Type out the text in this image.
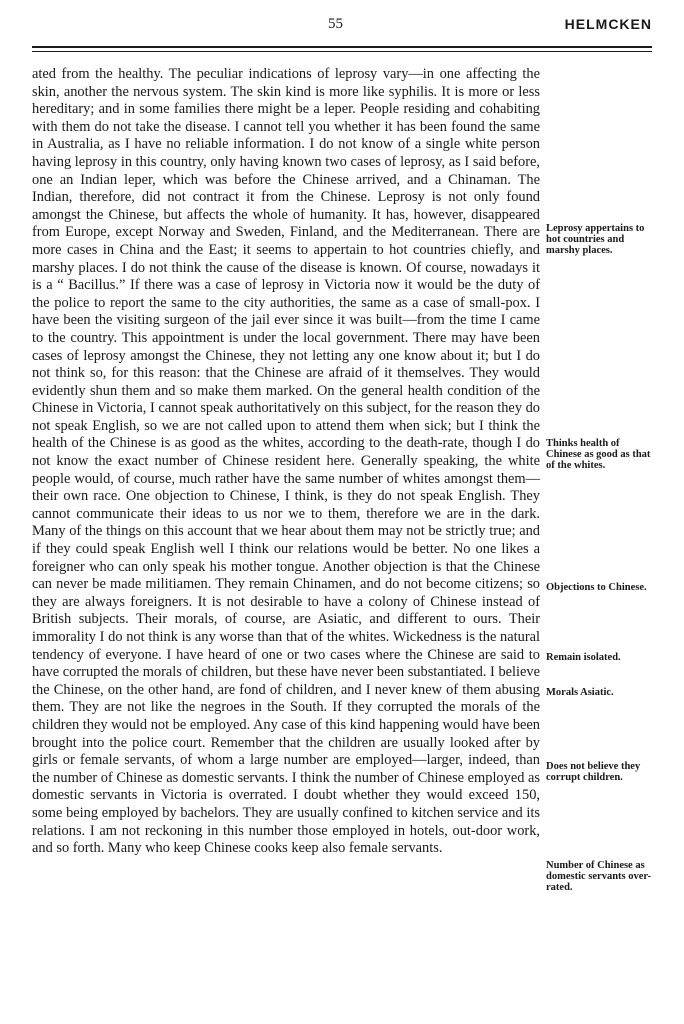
55	HELMCKEN

ated from the healthy. The peculiar indications of leprosy vary—in one affecting the skin, another the nervous system. The skin kind is more like syphilis. It is more or less hereditary; and in some families there might be a leper. People residing and cohabiting with them do not take the disease. I cannot tell you whether it has been found the same in Australia, as I have no reliable information. I do not know of a single white person having leprosy in this country, only having known two cases of leprosy, as I said before, one an Indian leper, which was before the Chinese arrived, and a Chinaman. The Indian, therefore, did not contract it from the Chinese. Leprosy is not only found amongst the Chinese, but affects the whole of humanity. It has, however, disappeared from Europe, except Norway and Sweden, Finland, and the Mediterranean. There are more cases in China and the East; it seems to appertain to hot countries chiefly, and marshy places. I do not think the cause of the disease is known. Of course, nowadays it is a “ Bacillus.” If there was a case of leprosy in Victoria now it would be the duty of the police to report the same to the city authorities, the same as a case of small-pox. I have been the visiting surgeon of the jail ever since it was built—from the time I came to the country. This appointment is under the local government. There may have been cases of leprosy amongst the Chinese, they not letting any one know about it; but I do not think so, for this reason: that the Chinese are afraid of it themselves. They would evidently shun them and so make them marked. On the general health condition of the Chinese in Victoria, I cannot speak authoritatively on this subject, for the reason they do not speak English, so we are not called upon to attend them when sick; but I think the health of the Chinese is as good as the whites, according to the death-rate, though I do not know the exact number of Chinese resident here. Generally speaking, the white people would, of course, much rather have the same number of whites amongst them—their own race. One objection to Chinese, I think, is they do not speak English. They cannot communicate their ideas to us nor we to them, therefore we are in the dark. Many of the things on this account that we hear about them may not be strictly true; and if they could speak English well I think our relations would be better. No one likes a foreigner who can only speak his mother tongue. Another objection is that the Chinese can never be made militiamen. They remain Chinamen, and do not become citizens; so they are always foreigners. It is not desirable to have a colony of Chinese instead of British subjects. Their morals, of course, are Asiatic, and different to ours. Their immorality I do not think is any worse than that of the whites. Wickedness is the natural tendency of everyone. I have heard of one or two cases where the Chinese are said to have corrupted the morals of children, but these have never been substantiated. I believe the Chinese, on the other hand, are fond of children, and I never knew of them abusing them. They are not like the negroes in the South. If they corrupted the morals of the children they would not be employed. Any case of this kind happening would have been brought into the police court. Remember that the children are usually looked after by girls or female servants, of whom a large number are employed—larger, indeed, than the number of Chinese as domestic servants. I think the number of Chinese employed as domestic servants in Victoria is overrated. I doubt whether they would exceed 150, some being employed by bachelors. They are usually confined to kitchen service and its relations. I am not reckoning in this number those employed in hotels, out-door work, and so forth. Many who keep Chinese cooks keep also female servants.

Leprosy appertains to hot countries and marshy places.
Thinks health of Chinese as good as that of the whites.
Objections to Chinese.
Remain isolated.
Morals Asiatic.
Does not believe they corrupt children.
Number of Chinese as domestic servants over-rated.
